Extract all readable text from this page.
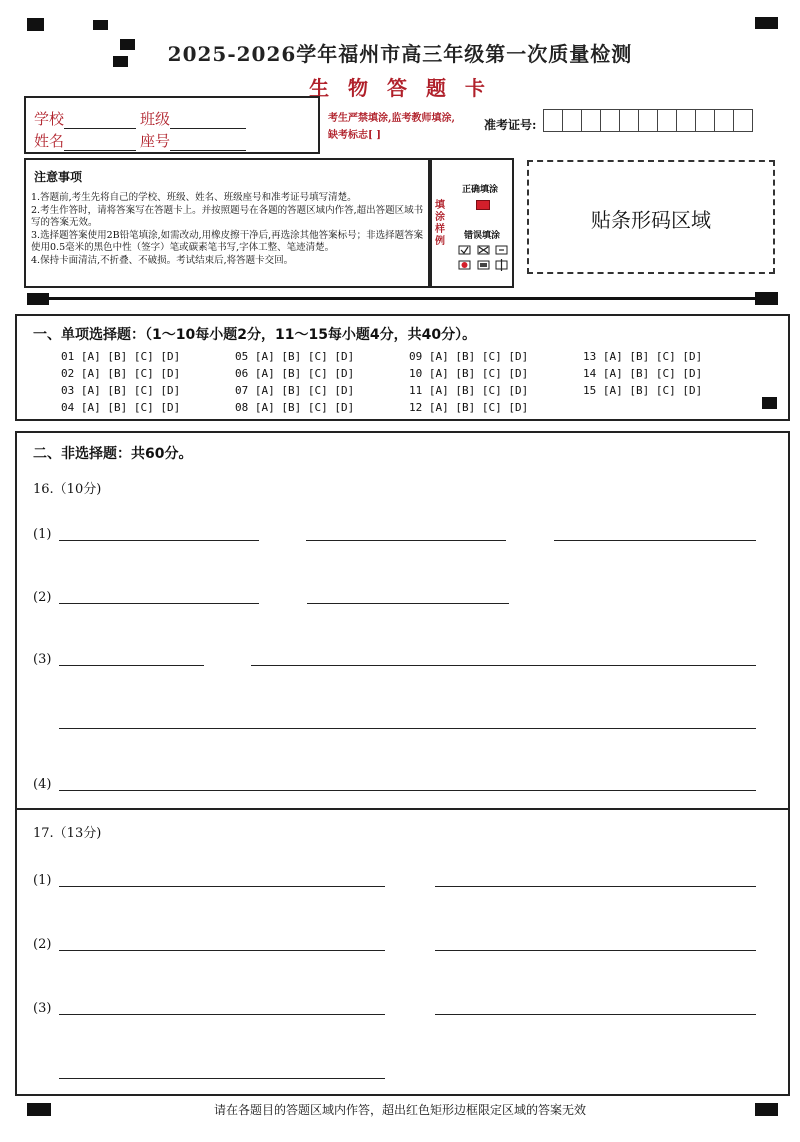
2025-2026学年福州市高三年级第一次质量检测
生 物 答 题 卡
学校	班级
姓名	座号
考生严禁填涂,监考教师填涂,
缺考标志[ ]
准考证号:
注意事项
1.答题前,考生先将自己的学校、班级、姓名、班级座号和准考证号填写清楚。
2.考生作答时，请将答案写在答题卡上。并按照题号在各题的答题区域内作答,超出答题区域书写的答案无效。
3.选择题答案使用2B铅笔填涂,如需改动,用橡皮擦干净后,再选涂其他答案标号；非选择题答案使用0.5毫米的黑色中性（签字）笔或碳素笔书写,字体工整、笔迹清楚。
4.保持卡面清洁,不折叠、不破损。考试结束后,将答题卡交回。
填涂样例
正确填涂
错误填涂
贴条形码区域
一、单项选择题：（1～10每小题2分，11～15每小题4分，共40分）。
01 [A] [B] [C] [D]
02 [A] [B] [C] [D]
03 [A] [B] [C] [D]
04 [A] [B] [C] [D]
05 [A] [B] [C] [D]
06 [A] [B] [C] [D]
07 [A] [B] [C] [D]
08 [A] [B] [C] [D]
09 [A] [B] [C] [D]
10 [A] [B] [C] [D]
11 [A] [B] [C] [D]
12 [A] [B] [C] [D]
13 [A] [B] [C] [D]
14 [A] [B] [C] [D]
15 [A] [B] [C] [D]
二、非选择题：共60分。
16.（10分)
(1)
(2)
(3)
(4)
17.（13分)
(1)
(2)
(3)
请在各题目的答题区域内作答，超出红色矩形边框限定区域的答案无效
